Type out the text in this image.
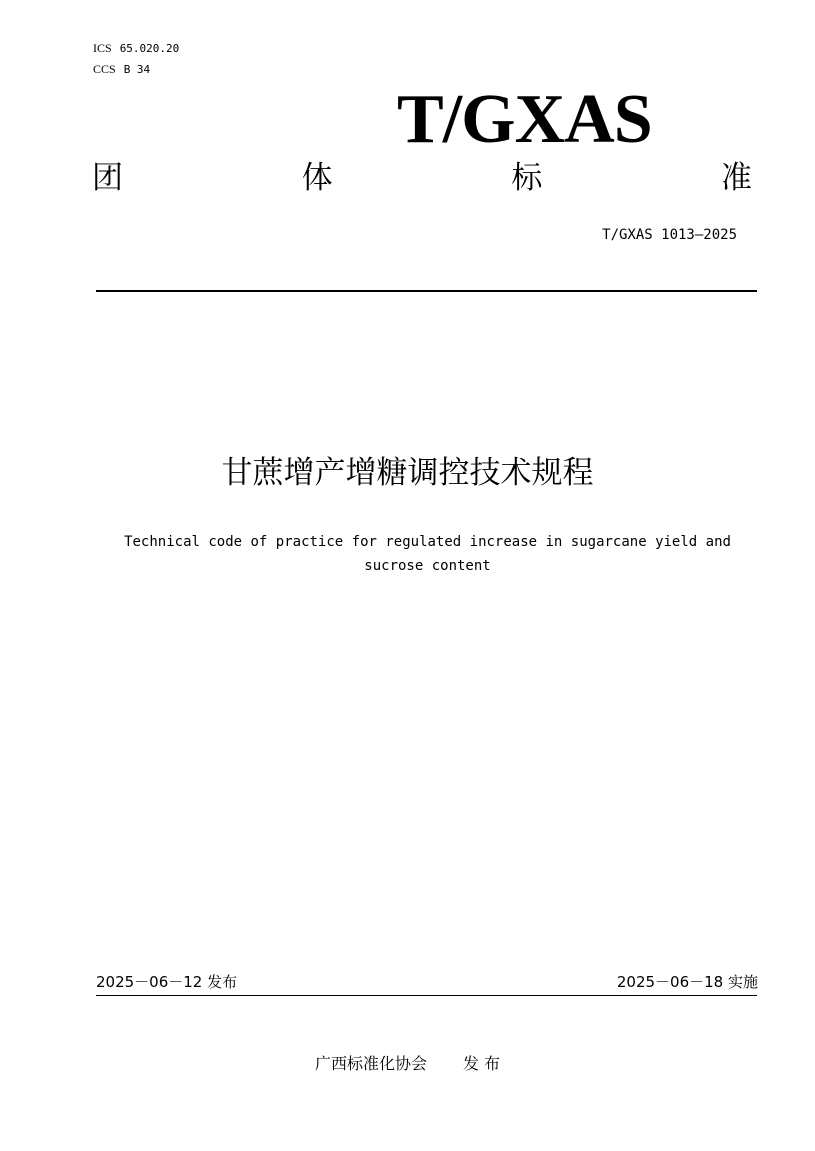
ICS 65.020.20
CCS B 34
T/GXAS
团	体	标	准
T/GXAS 1013—2025
甘蔗增产增糖调控技术规程
Technical code of practice for regulated increase in sugarcane yield and
sucrose content
2025－06－12 发布	2025－06－18 实施
广西标准化协会 发 布
